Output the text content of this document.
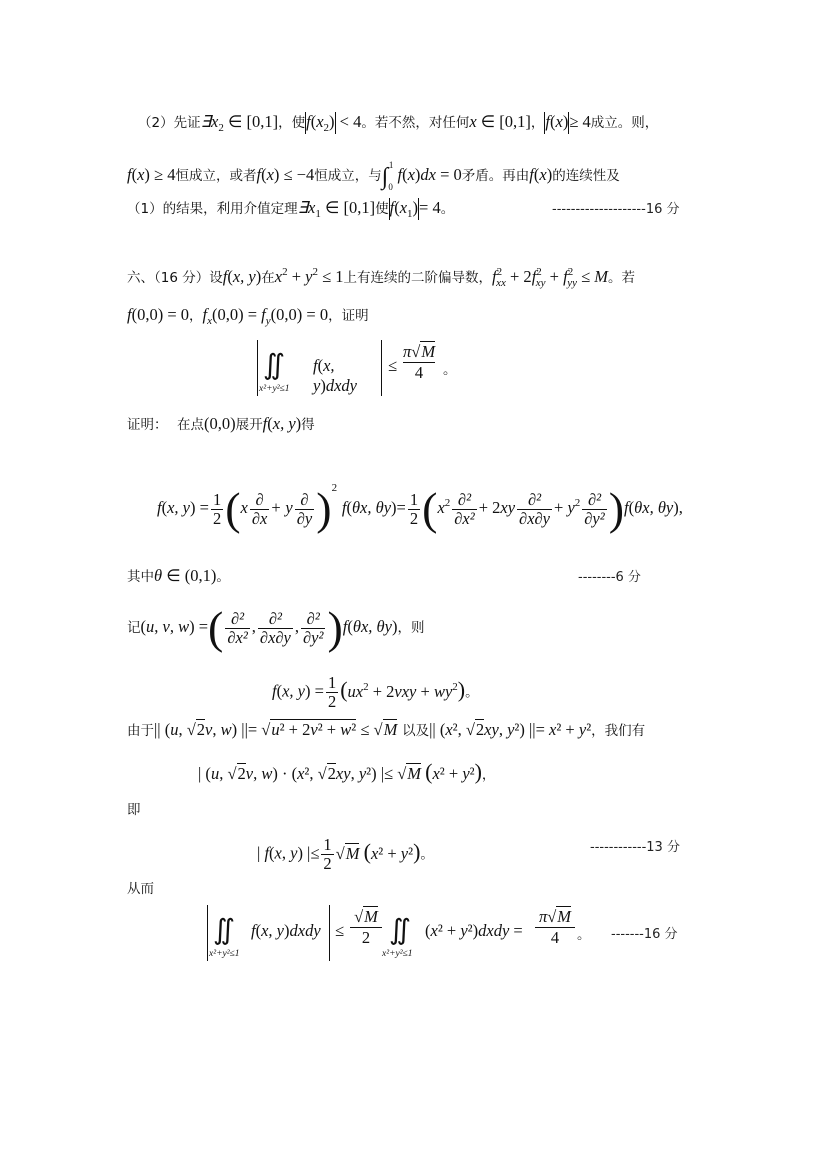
（2）先证$\exists x_2$ ∈ [0,1]，使$f(x_2) < 4$。若不然，对任何x ∈ [0,1]，f(x)≥ 4成立。则，
f(x) ≥ 4恒成立，或者f(x) ≤ −4恒成立，与$\int_0^1$ f(x)dx = 0矛盾。再由f(x)的连续性及
（1）的结果，利用介值定理$\exists x_1$ ∈ [0,1]使$f(x_1)= 4$。	--------------------16 分
六、（16 分）设f(x, y)在$x^2 + y^2 \le 1$上有连续的二阶偏导数，$f^2_{xx} + 2f^2_{xy} + f^2_{yy} \le M$。若
f(0,0) = 0，$f_x(0,0) = f_y(0,0) = 0$，证明
∬
x²+y²≤1
f(x, y)dxdy
≤
π√M
4	。
证明： 在点(0,0)展开f(x, y)得
f(x, $y) = \frac{1}{2} (x \frac{\partial}{\partial x} + y \frac{\partial}{\partial y} )^2$ f(θx, $\theta y)= \frac{1}{2} (x^2 \frac{\text{∂²}}{\text{∂x²}} + 2xy \frac{\text{∂²}}{\partial x\partial y} + y^2 \frac{\text{∂²}}{\text{∂y²}} )f(\theta x$, θy),
其中θ ∈ (0,1)。	--------6 分
记(u, v, w) =( $\frac{\text{∂²}}{\text{∂x²}}$ , $\frac{\text{∂²}}{\partial x\partial y}$ , $\frac{\text{∂²}}{\text{∂y²}} )f(\theta x$, θy)，则
f(x, $y) = \frac{1}{2} (ux^2 + 2vxy + wy^2)$。
由于|| (u, √2v, w) ||= √u² + 2v² + w² ≤ √M 以及|| (x², √2xy, y²) ||= x² + y²，我们有
| (u, √2v, w) · (x², √2xy, y²) |≤ √M (x² + y²)，
即
| f(x, y) |≤ $\frac{1}{2} √M$ (x² + y²)。	------------13 分
从而
∬
x²+y²≤1
f(x, y)dxdy ≤
√M
2 ∬
x²+y²≤1
(x² + y²)dxdy =
π√M
4	。 -------16 分
